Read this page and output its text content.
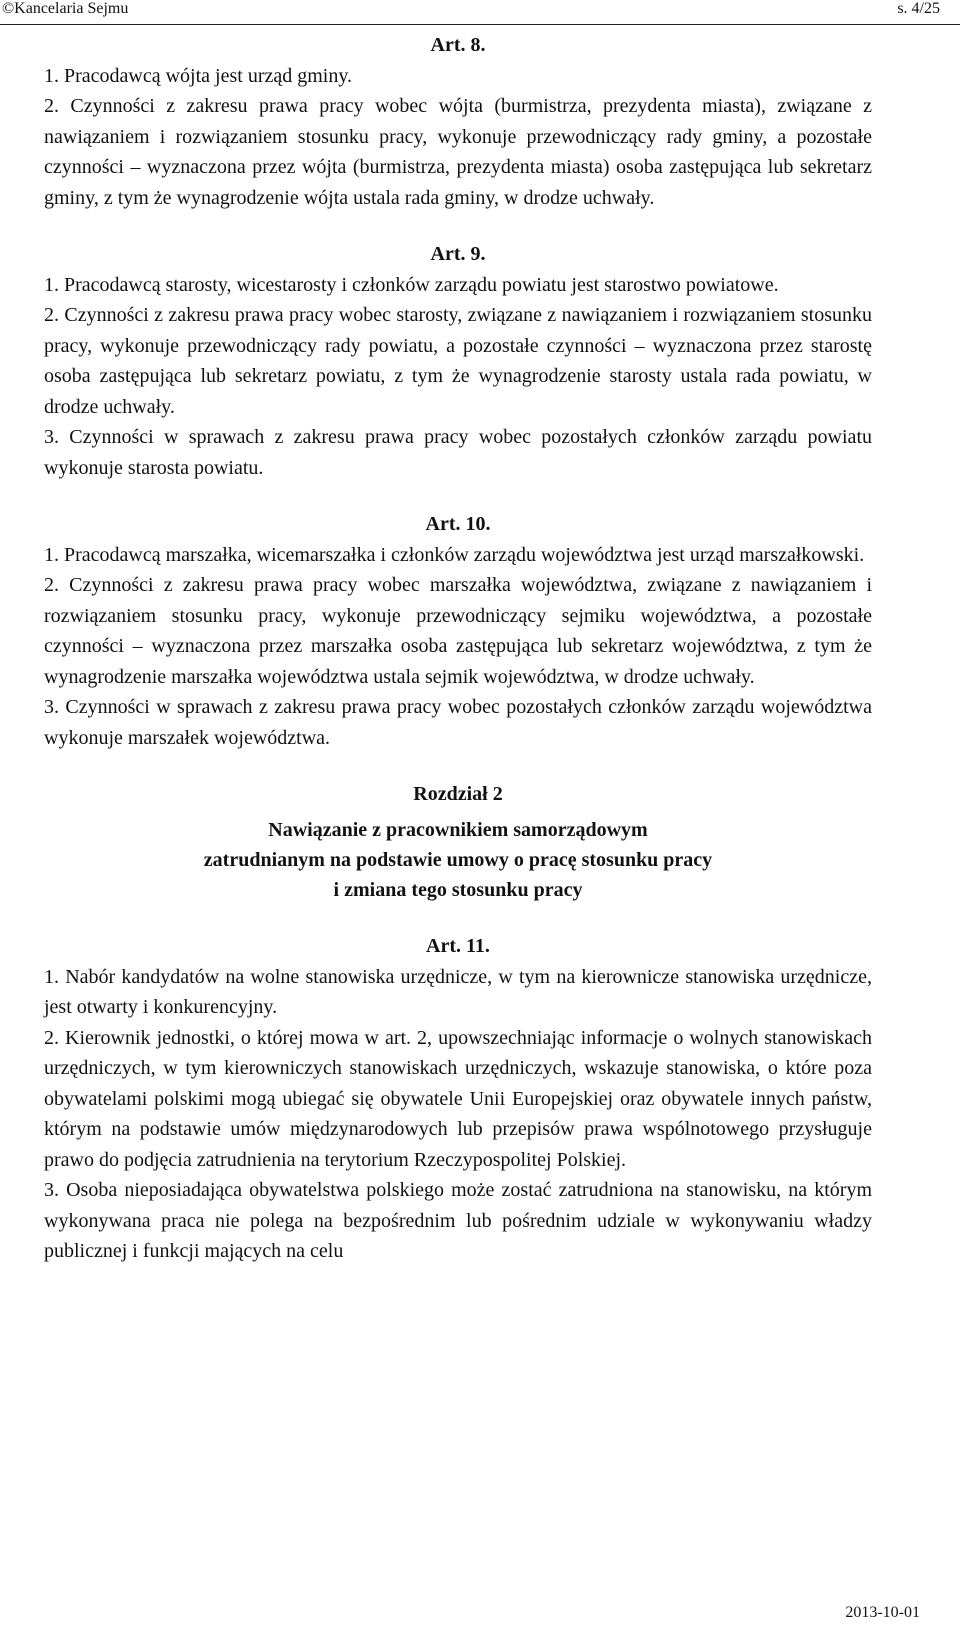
©Kancelaria Sejmu	s. 4/25
Art. 8.
1. Pracodawcą wójta jest urząd gminy.
2. Czynności z zakresu prawa pracy wobec wójta (burmistrza, prezydenta miasta), związane z nawiązaniem i rozwiązaniem stosunku pracy, wykonuje przewodniczący rady gminy, a pozostałe czynności – wyznaczona przez wójta (burmistrza, prezydenta miasta) osoba zastępująca lub sekretarz gminy, z tym że wynagrodzenie wójta ustala rada gminy, w drodze uchwały.
Art. 9.
1. Pracodawcą starosty, wicestarosty i członków zarządu powiatu jest starostwo powiatowe.
2. Czynności z zakresu prawa pracy wobec starosty, związane z nawiązaniem i rozwiązaniem stosunku pracy, wykonuje przewodniczący rady powiatu, a pozostałe czynności – wyznaczona przez starostę osoba zastępująca lub sekretarz powiatu, z tym że wynagrodzenie starosty ustala rada powiatu, w drodze uchwały.
3. Czynności w sprawach z zakresu prawa pracy wobec pozostałych członków zarządu powiatu wykonuje starosta powiatu.
Art. 10.
1. Pracodawcą marszałka, wicemarszałka i członków zarządu województwa jest urząd marszałkowski.
2. Czynności z zakresu prawa pracy wobec marszałka województwa, związane z nawiązaniem i rozwiązaniem stosunku pracy, wykonuje przewodniczący sejmiku województwa, a pozostałe czynności – wyznaczona przez marszałka osoba zastępująca lub sekretarz województwa, z tym że wynagrodzenie marszałka województwa ustala sejmik województwa, w drodze uchwały.
3. Czynności w sprawach z zakresu prawa pracy wobec pozostałych członków zarządu województwa wykonuje marszałek województwa.
Rozdział 2
Nawiązanie z pracownikiem samorządowym
zatrudnianym na podstawie umowy o pracę stosunku pracy
i zmiana tego stosunku pracy
Art. 11.
1. Nabór kandydatów na wolne stanowiska urzędnicze, w tym na kierownicze stanowiska urzędnicze, jest otwarty i konkurencyjny.
2. Kierownik jednostki, o której mowa w art. 2, upowszechniając informacje o wolnych stanowiskach urzędniczych, w tym kierowniczych stanowiskach urzędniczych, wskazuje stanowiska, o które poza obywatelami polskimi mogą ubiegać się obywatele Unii Europejskiej oraz obywatele innych państw, którym na podstawie umów międzynarodowych lub przepisów prawa wspólnotowego przysługuje prawo do podjęcia zatrudnienia na terytorium Rzeczypospolitej Polskiej.
3. Osoba nieposiadająca obywatelstwa polskiego może zostać zatrudniona na stanowisku, na którym wykonywana praca nie polega na bezpośrednim lub pośrednim udziale w wykonywaniu władzy publicznej i funkcji mających na celu
2013-10-01
